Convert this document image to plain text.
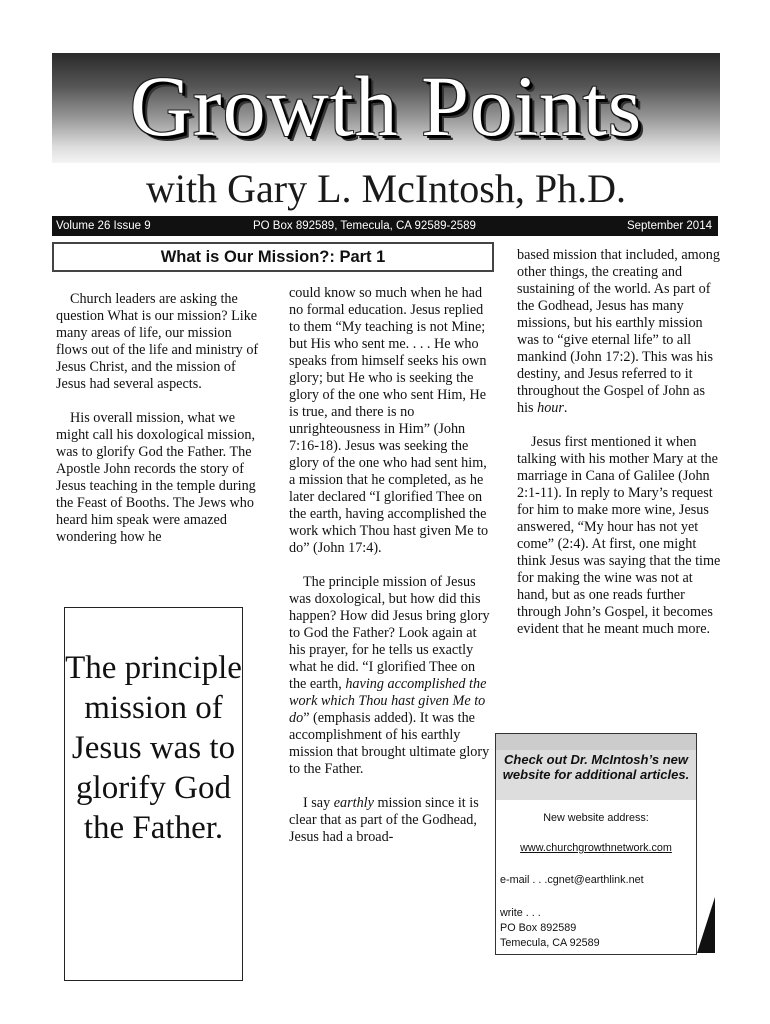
Growth Points
with Gary L. McIntosh, Ph.D.
Volume 26 Issue 9	PO Box 892589, Temecula, CA 92589-2589	September 2014
What is Our Mission?: Part 1

Church leaders are asking the question What is our mission? Like many areas of life, our mission flows out of the life and ministry of Jesus Christ, and the mission of Jesus had several aspects.

His overall mission, what we might call his doxological mission, was to glorify God the Father. The Apostle John records the story of Jesus teaching in the temple during the Feast of Booths. The Jews who heard him speak were amazed wondering how he

The principle mission of Jesus was to glorify God the Father.

could know so much when he had no formal education. Jesus replied to them “My teaching is not Mine; but His who sent me. . . . He who speaks from himself seeks his own glory; but He who is seeking the glory of the one who sent Him, He is true, and there is no unrighteousness in Him” (John 7:16-18). Jesus was seeking the glory of the one who had sent him, a mission that he completed, as he later declared “I glorified Thee on the earth, having accomplished the work which Thou hast given Me to do” (John 17:4).

The principle mission of Jesus was doxological, but how did this happen? How did Jesus bring glory to God the Father? Look again at his prayer, for he tells us exactly what he did. “I glorified Thee on the earth, having accomplished the work which Thou hast given Me to do” (emphasis added). It was the accomplishment of his earthly mission that brought ultimate glory to the Father.

I say earthly mission since it is clear that as part of the Godhead, Jesus had a broad-

based mission that included, among other things, the creating and sustaining of the world. As part of the Godhead, Jesus has many missions, but his earthly mission was to “give eternal life” to all mankind (John 17:2). This was his destiny, and Jesus referred to it throughout the Gospel of John as his hour.

Jesus first mentioned it when talking with his mother Mary at the marriage in Cana of Galilee (John 2:1-11). In reply to Mary’s request for him to make more wine, Jesus answered, “My hour has not yet come” (2:4). At first, one might think Jesus was saying that the time for making the wine was not at hand, but as one reads further through John’s Gospel, it becomes evident that he meant much more.

Check out Dr. McIntosh’s new website for additional articles.
New website address:
www.churchgrowthnetwork.com
e-mail . . .cgnet@earthlink.net
write . . .
PO Box 892589
Temecula, CA 92589
